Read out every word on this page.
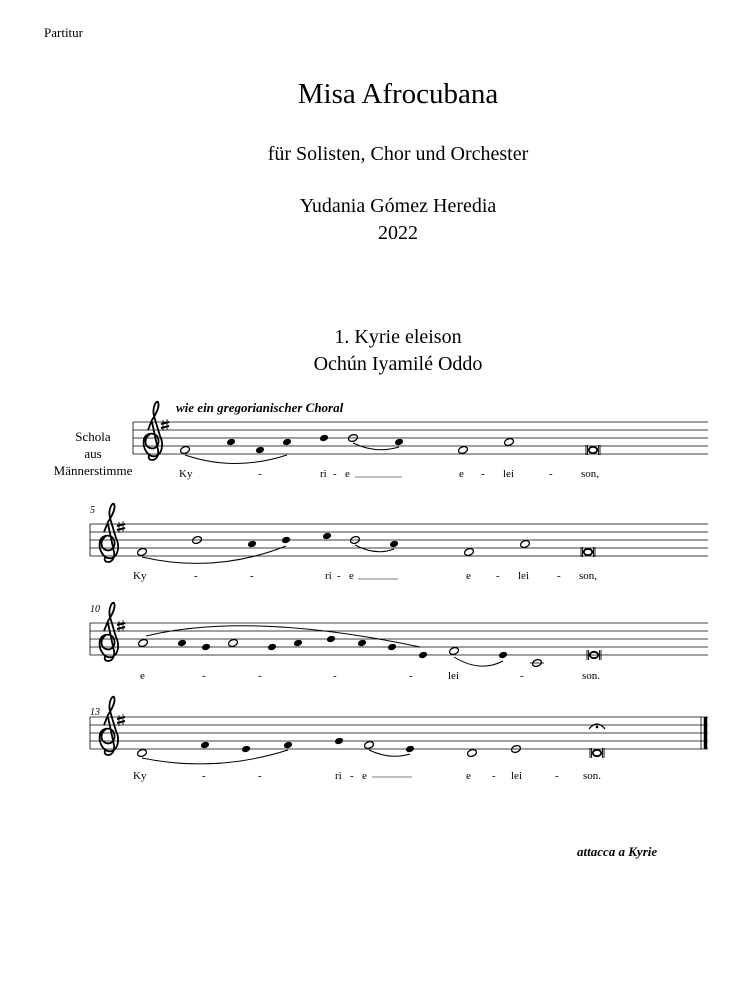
Partitur
Misa Afrocubana
für Solisten, Chor und Orchester
Yudania Gómez Heredia
2022
1. Kyrie eleison
Ochún Iyamilé Oddo
Schola
aus
Männerstimme
wie ein gregorianischer Choral
attacca a Kyrie
Ky	-	ri - e	e - lei	-	son,
5
Ky	-	-	ri - e	e - lei	- son,
10
e	-	-	-	-	lei	-	son.
13
Ky	-	-	ri - e	e - lei	- son.
